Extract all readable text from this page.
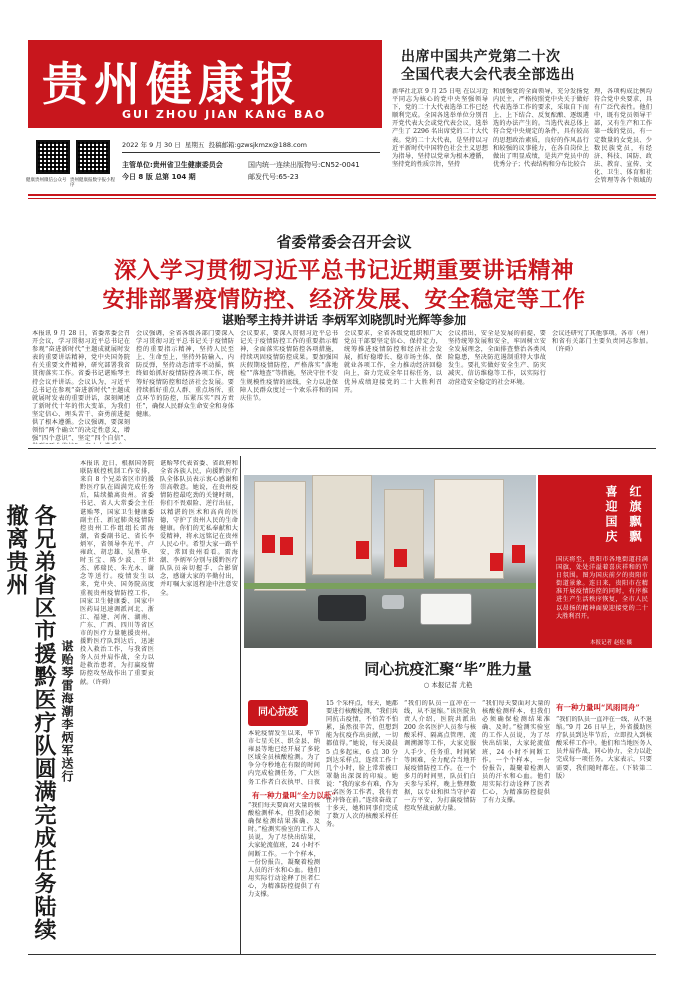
贵州健康报
GUI ZHOU JIAN KANG BAO
健康贵州微信公众号 贵州健康报数字报小程序
2022 年 9 月 30 日 星期五 投稿邮箱:gzwsjkmzx@188.com
主管单位:贵州省卫生健康委员会
今日 8 版 总第 104 期
国内统一连续出版物号:CN52-0041
邮发代号:65-23
出席中国共产党第二十次
全国代表大会代表全部选出
新华社北京 9 月 25 日电 在以习近平同志为核心的党中央坚强领导下，党的二十大代表选举工作已经顺利完成。全国各选举单位分别召开党代表大会或党代表会议，选举产生了 2296 名出席党的二十大代表。党的二十大代表，是坚持以习近平新时代中国特色社会主义思想为指导，坚持以党章为根本遵循，坚持党的性质宗旨，坚持
和加强党的全面领导，充分发扬党内民主，严格按照党中央关于做好代表选举工作的要求，采取自下而上、上下结合、反复酝酿、逐级遴选的办法产生的。当选代表总体上符合党中央规定的条件，具有较高的思想政治素质，良好的作风品行和较强的议事能力，在各自岗位上做出了明显成绩，是共产党员中的优秀分子；代表结构和分布比较合
理，各项构成比例均符合党中央要求，具有广泛代表性。他们中，既有党员领导干部，又有生产和工作第一线的党员，有一定数量的女党员、少数民族党员，有经济、科技、国防、政法、教育、宣传、文化、卫生、体育和社会管理等各个领域的
省委常委会召开会议
深入学习贯彻习近平总书记近期重要讲话精神
安排部署疫情防控、经济发展、安全稳定等工作
谌贻琴主持并讲话 李炳军刘晓凯时光辉等参加
本报讯 9 月 28 日，省委常委会召开会议，学习贯彻习近平总书记在参观“奋进新时代”主题成就展时发表的重要讲话精神，党中央国务院有关重要文件精神，研究部署我省贯彻落实工作。省委书记谌贻琴主持会议并讲话。会议认为，习近平总书记在参观“奋进新时代”主题成就展时发表的重要讲话，深刻阐述了新时代十年的伟大变革，为我们坚定信心、埋头苦干、奋勇前进提供了根本遵循。会议强调，要深刻领悟“两个确立”的决定性意义，增强“四个意识”、坚定“四个自信”、
会议强调，全省各级各部门要深入学习贯彻习近平总书记关于疫情防控的重要指示精神，坚持人民至上、生命至上，坚持外防输入、内防反弹，坚持动态清零不动摇，慎终如始抓好疫情防控各项工作，统筹好疫情防控和经济社会发展。要持续抓好重点人群、重点场所、重点环节的防控，压紧压实“四方责任”，确保人民群众生命安全和身体健康。
会议要求，要深入贯彻习近平总书记关于疫情防控工作的重要指示精神，全面落实疫情防控各项措施，持续巩固疫情防控成果。要加强国庆假期疫情防控，严格落实“落地检”“落地查”等措施，坚决守住不发生规模性疫情的底线，全力以赴保障人民群众度过一个欢乐祥和的国庆佳节。
会议要求，全省各级党组织和广大党员干部要坚定信心、保持定力，统筹推进疫情防控和经济社会发展，抓好稳增长、稳市场主体、保就业各项工作，全力推动经济回稳向上，奋力完成全年目标任务，以优异成绩迎接党的二十大胜利召开。
会议指出，安全是发展的前提，要坚持统筹发展和安全，牢固树立安全发展理念，全面排查整治各类风险隐患，坚决防范遏制重特大事故发生。要扎实做好安全生产、防灾减灾、信访维稳等工作，以实际行动营造安全稳定的社会环境。
会议还研究了其他事项。各市（州）和省有关部门主要负责同志参加。（许舜）
各兄弟省区市援黔医疗队圆满完成任务陆续撤离贵州
谌贻琴雷海潮李炳军送行
本报讯 近日，根据国务院联防联控机制工作安排，来自 8 个兄弟省区市的援黔医疗队在圆满完成任务后，陆续撤离贵州。省委书记、省人大常委会主任谌贻琴，国家卫生健康委副主任、新冠肺炎疫情防控贵州工作组组长雷海潮，省委副书记、省长李炳军，省领导李光平、卢雍政、胡忠雄、吴胜华、时玉宝、陈少波、王世杰、郭瑞民、朱光永、谢念等送行。疫情发生以来，党中央、国务院高度重视贵州疫情防控工作，国家卫生健康委、国家中医药局迅速调派河北、浙江、福建、河南、湖南、广东、广西、四川等省区市的医疗力量驰援贵州。援黔医疗队到达后，迅速投入救治工作，与我省医务人员并肩作战，全力以赴救治患者，为打赢疫情防控攻坚战作出了重要贡献。（许舜）
谌贻琴代表省委、省政府和全省各族人民，向援黔医疗队全体队员表示衷心感谢和崇高敬意。她说，在贵州疫情防控最吃劲的关键时刻，你们不畏艰险、逆行出征，以精湛的医术和高尚的医德，守护了贵州人民的生命健康。你们的无私奉献和大爱精神，将永远铭记在贵州人民心中。希望大家一路平安，常回贵州看看。雷海潮、李炳军分别与援黔医疗队队员亲切握手、合影留念，感谢大家的辛勤付出，并叮嘱大家返程途中注意安全。
红旗飘飘
喜迎国庆
国庆将至，贵阳市各地街道挂满国旗，处处洋溢着喜庆祥和的节日氛围。图为国庆前夕的贵阳市街道景象。连日来，贵阳市在精准开展疫情防控的同时，有序推进生产生活秩序恢复，全市人民以昂扬的精神面貌迎接党的二十大胜利召开。
本报记者 赵松 摄
同心抗疫汇聚“毕”胜力量
○ 本报记者 尤艳
同心抗疫
有一种力量叫“全力以赴”
有一种力量叫“风雨同舟”
本轮疫情发生以来，毕节市七星关区、织金县、纳雍县等地已经开展了多轮区域全员核酸检测。为了争分夺秒地在有限的时间内完成检测任务，广大医务工作者白衣执甲、日夜
“我们每天要面对大量的核酸检测样本，但我们必须确保检测结果准确、及时。”检测实验室的工作人员说，为了尽快出结果，大家轮流值班，24 小时不间断工作。一个个样本，一份份报告，凝聚着检测人员的汗水和心血。他们用实际行动诠释了医者仁心，为精准防控提供了有力支撑。
15 个采样点，每天，她都要进行核酸检测，“我们共同抗击疫情，不怕苦不怕累，虽然很辛苦，但想到能为抗疫作出贡献，一切都值得。”她说，每天凌晨 5 点多起床，6 点 30 分到达采样点，连续工作十几个小时，脸上常常被口罩勒出深深的印痕。她说：“我的家乡有难，作为一名医务工作者，我有责任冲锋在前。”连续奋战了十多天，她和同事们完成了数万人次的核酸采样任务。
“我们的队员一直冲在一线，从不退缩。”该医院负责人介绍，医院共派出 200 余名医护人员参与核酸采样、隔离点管理、流调溯源等工作，大家克服人手少、任务重、时间紧等困难，全力配合当地开展疫情防控工作。在一个多月的时间里，队员们白天参与采样，晚上整理数据，以专业和担当守护着一方平安，为打赢疫情防控攻坚战贡献力量。
“我们每天要面对大量的核酸检测样本，但我们必须确保检测结果准确、及时。”检测实验室的工作人员说，为了尽快出结果，大家轮流值班，24 小时不间断工作。一个个样本，一份份报告，凝聚着检测人员的汗水和心血。他们用实际行动诠释了医者仁心，为精准防控提供了有力支撑。
“我们的队员一直冲在一线，从不退缩。”9 月 26 日早上，外省援助医疗队员到达毕节后，立即投入到核酸采样工作中。他们和当地医务人员并肩作战，同心协力，全力以赴完成每一项任务。大家表示，只要需要，我们随时都在。（下转第二版）
